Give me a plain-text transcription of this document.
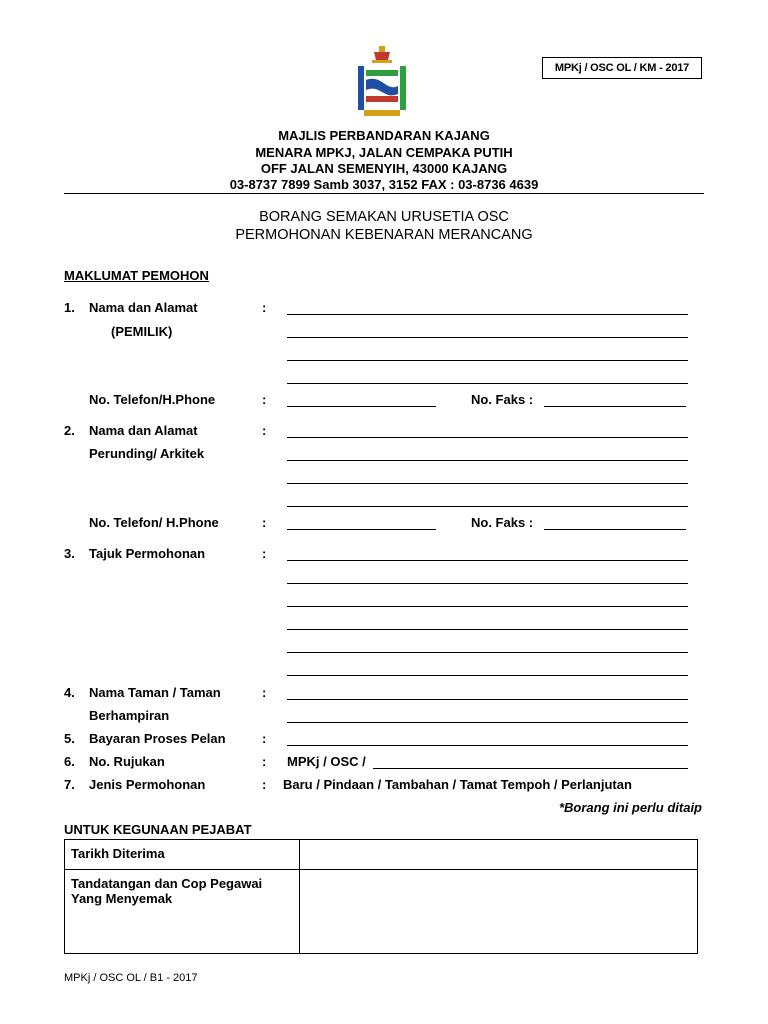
MPKj / OSC OL / KM - 2017
MAJLIS PERBANDARAN KAJANG
MENARA MPKJ, JALAN CEMPAKA PUTIH
OFF JALAN SEMENYIH, 43000 KAJANG
03-8737 7899 Samb 3037, 3152 FAX : 03-8736 4639
BORANG SEMAKAN URUSETIA OSC
PERMOHONAN KEBENARAN MERANCANG
MAKLUMAT PEMOHON
1. Nama dan Alamat	:
(PEMILIK)
No. Telefon/H.Phone	:	No. Faks :
2. Nama dan Alamat	:
Perunding/ Arkitek
No. Telefon/ H.Phone	:	No. Faks :
3. Tajuk Permohonan	:
4. Nama Taman / Taman	:
Berhampiran
5. Bayaran Proses Pelan	:
6. No. Rujukan	: MPKj / OSC /
7. Jenis Permohonan	: Baru / Pindaan / Tambahan / Tamat Tempoh / Perlanjutan
*Borang ini perlu ditaip
UNTUK KEGUNAAN PEJABAT
Tarikh Diterima	

Tandatangan dan Cop Pegawai
Yang Menyemak	

MPKj / OSC OL / B1 - 2017
